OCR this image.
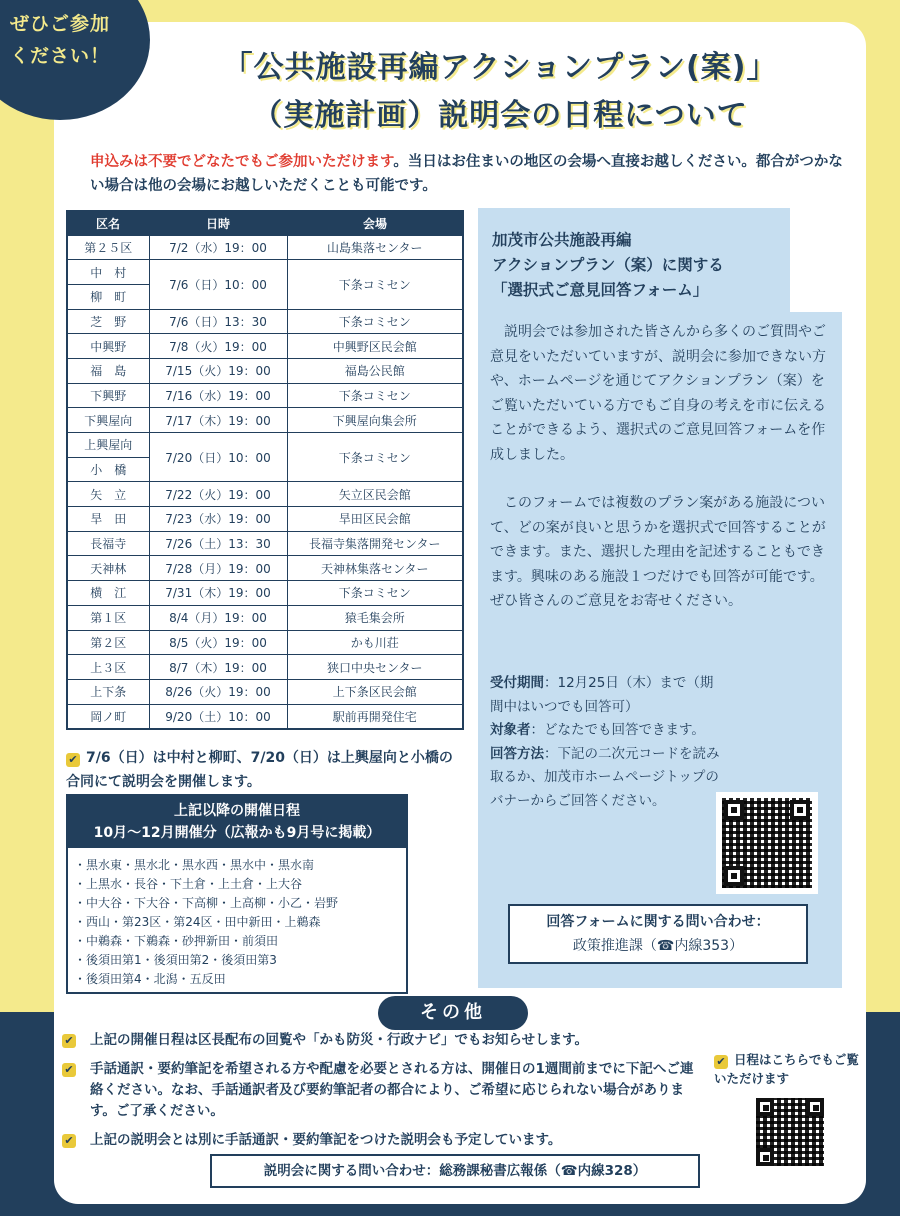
ぜひご参加
ください！	「公共施設再編アクションプラン(案)」
（実施計画）説明会の日程について
申込みは不要でどなたでもご参加いただけます。当日はお住まいの地区の会場へ直接お越しください。都合がつかない場合は他の会場にお越しいただくことも可能です。
区名	日時	会場
第２５区	7/2（水）19：00	山島集落センター
中　村	7/6（日）10：00	下条コミセン
柳　町		
芝　野	7/6（日）13：30	下条コミセン
中興野	7/8（火）19：00	中興野区民会館
福　島	7/15（火）19：00	福島公民館
下興野	7/16（水）19：00	下条コミセン
下興屋向	7/17（木）19：00	下興屋向集会所
上興屋向	7/20（日）10：00	下条コミセン
小　橋		
矢　立	7/22（火）19：00	矢立区民会館
旱　田	7/23（水）19：00	旱田区民会館
長福寺	7/26（土）13：30	長福寺集落開発センター
天神林	7/28（月）19：00	天神林集落センター
横　江	7/31（木）19：00	下条コミセン
第１区	8/4（月）19：00	猿毛集会所
第２区	8/5（火）19：00	かも川荘
上３区	8/7（木）19：00	狭口中央センター
上下条	8/26（火）19：00	上下条区民会館
岡ノ町	9/20（土）10：00	駅前再開発住宅
✔ 7/6（日）は中村と柳町、7/20（日）は上興屋向と小橋の合同にて説明会を開催します。
上記以降の開催日程
10月～12月開催分（広報かも9月号に掲載）
・黒水東・黒水北・黒水西・黒水中・黒水南
・上黒水・長谷・下土倉・上土倉・上大谷
・中大谷・下大谷・下高柳・上高柳・小乙・岩野
・西山・第23区・第24区・田中新田・上鵜森
・中鵜森・下鵜森・砂押新田・前須田
・後須田第1・後須田第2・後須田第3
・後須田第4・北潟・五反田
加茂市公共施設再編
アクションプラン（案）に関する
「選択式ご意見回答フォーム」

説明会では参加された皆さんから多くのご質問やご意見をいただいていますが、説明会に参加できない方や、ホームページを通じてアクションプラン（案）をご覧いただいている方でもご自身の考えを市に伝えることができるよう、選択式のご意見回答フォームを作成しました。

このフォームでは複数のプラン案がある施設について、どの案が良いと思うかを選択式で回答することができます。また、選択した理由を記述することもできます。興味のある施設１つだけでも回答が可能です。ぜひ皆さんのご意見をお寄せください。

受付期間：12月25日（木）まで（期間中はいつでも回答可）
対象者：どなたでも回答できます。
回答方法：下記の二次元コードを読み取るか、加茂市ホームページトップのバナーからご回答ください。
回答フォームに関する問い合わせ：
政策推進課（☎内線353）
その他
✔ 上記の開催日程は区長配布の回覧や「かも防災・行政ナビ」でもお知らせします。
✔ 手話通訳・要約筆記を希望される方や配慮を必要とされる方は、開催日の1週間前までに下記へご連絡ください。なお、手話通訳者及び要約筆記者の都合により、ご希望に応じられない場合があります。ご了承ください。
✔ 上記の説明会とは別に手話通訳・要約筆記をつけた説明会も予定しています。
✔ 日程はこちらでもご覧いただけます
説明会に関する問い合わせ：総務課秘書広報係（☎内線328）
